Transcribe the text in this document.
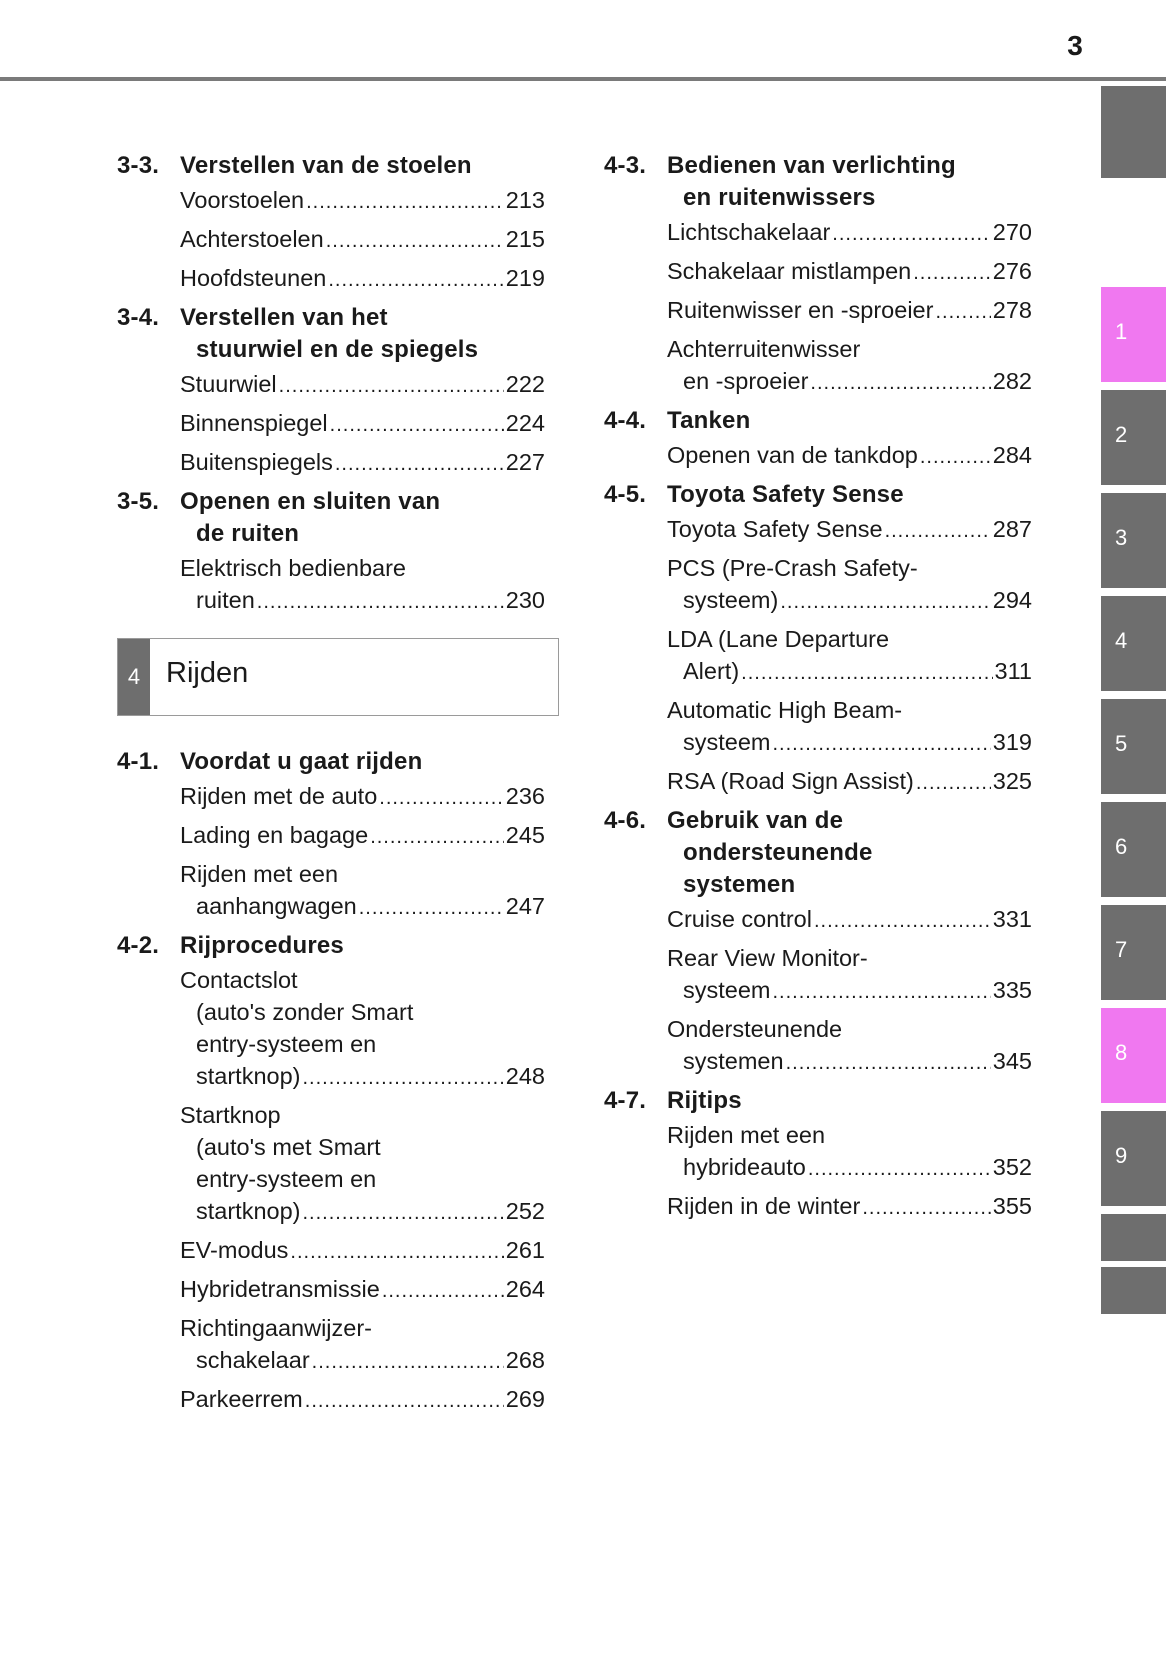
3
3-3. Verstellen van de stoelen
Voorstoelen .....	213
Achterstoelen .....	215
Hoofdsteunen .....	219
3-4. Verstellen van het
stuurwiel en de spiegels
Stuurwiel .....	222
Binnenspiegel .....	224
Buitenspiegels .....	227
3-5. Openen en sluiten van
de ruiten
Elektrisch bedienbare
ruiten .....	230
4 Rijden
4-1. Voordat u gaat rijden
Rijden met de auto .....	236
Lading en bagage .....	245
Rijden met een
aanhangwagen .....	247
4-2. Rijprocedures
Contactslot
(auto's zonder Smart
entry-systeem en
startknop) .....	248
Startknop
(auto's met Smart
entry-systeem en
startknop) .....	252
EV-modus .....	261
Hybridetransmissie .....	264
Richtingaanwijzer-
schakelaar .....	268
Parkeerrem .....	269
4-3. Bedienen van verlichting
en ruitenwissers
Lichtschakelaar .....	270
Schakelaar mistlampen .....	276
Ruitenwisser en -sproeier .....	278
Achterruitenwisser
en -sproeier .....	282
4-4. Tanken
Openen van de tankdop .....	284
4-5. Toyota Safety Sense
Toyota Safety Sense .....	287
PCS (Pre-Crash Safety-
systeem) .....	294
LDA (Lane Departure
Alert) .....	311
Automatic High Beam-
systeem .....	319
RSA (Road Sign Assist) .....	325
4-6. Gebruik van de
ondersteunende
systemen
Cruise control .....	331
Rear View Monitor-
systeem .....	335
Ondersteunende
systemen .....	345
4-7. Rijtips
Rijden met een
hybrideauto .....	352
Rijden in de winter .....	355
1
2
3
4
5
6
7
8
9
